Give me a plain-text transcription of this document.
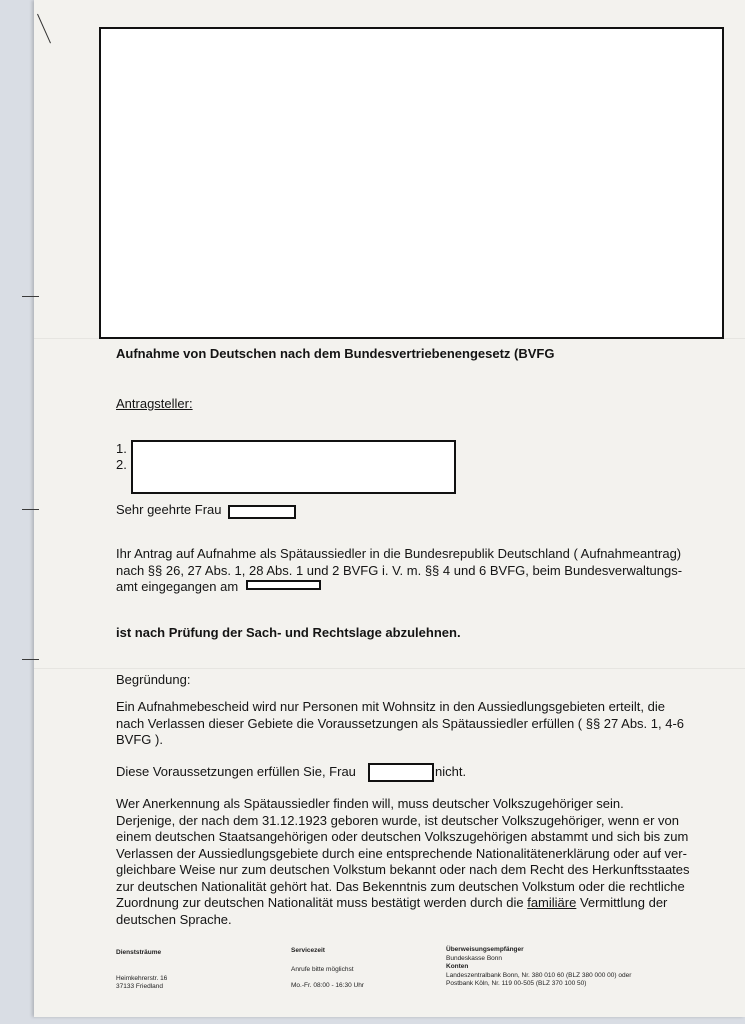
Aufnahme von Deutschen nach dem Bundesvertriebenengesetz (BVFG
Antragsteller:
1.
2.
Sehr geehrte Frau
Ihr Antrag auf Aufnahme als Spätaussiedler in die Bundesrepublik Deutschland ( Aufnahmeantrag)
nach §§ 26, 27 Abs. 1, 28 Abs. 1 und 2 BVFG i. V. m. §§ 4 und 6 BVFG, beim Bundesverwaltungs-
amt eingegangen am
ist nach Prüfung der Sach- und Rechtslage abzulehnen.
Begründung:
Ein Aufnahmebescheid wird nur Personen mit Wohnsitz in den Aussiedlungsgebieten erteilt, die
nach Verlassen dieser Gebiete die Voraussetzungen als Spätaussiedler erfüllen ( §§ 27 Abs. 1, 4-6
BVFG ).
Diese Voraussetzungen erfüllen Sie, Frau	nicht.
Wer Anerkennung als Spätaussiedler finden will, muss deutscher Volkszugehöriger sein.
Derjenige, der nach dem 31.12.1923 geboren wurde, ist deutscher Volkszugehöriger, wenn er von
einem deutschen Staatsangehörigen oder deutschen Volkszugehörigen abstammt und sich bis zum
Verlassen der Aussiedlungsgebiete durch eine entsprechende Nationalitätenerklärung oder auf ver-
gleichbare Weise nur zum deutschen Volkstum bekannt oder nach dem Recht des Herkunftsstaates
zur deutschen Nationalität gehört hat. Das Bekenntnis zum deutschen Volkstum oder die rechtliche
Zuordnung zur deutschen Nationalität muss bestätigt werden durch die familiäre Vermittlung der
deutschen Sprache.
Dienststräume
Heimkehrerstr. 16
37133 Friedland
Servicezeit
Anrufe bitte möglichst
Mo.-Fr. 08:00 - 16:30 Uhr
Überweisungsempfänger
Bundeskasse Bonn
Konten
Landeszentralbank Bonn, Nr. 380 010 60 (BLZ 380 000 00) oder
Postbank Köln, Nr. 119 00-505 (BLZ 370 100 50)
